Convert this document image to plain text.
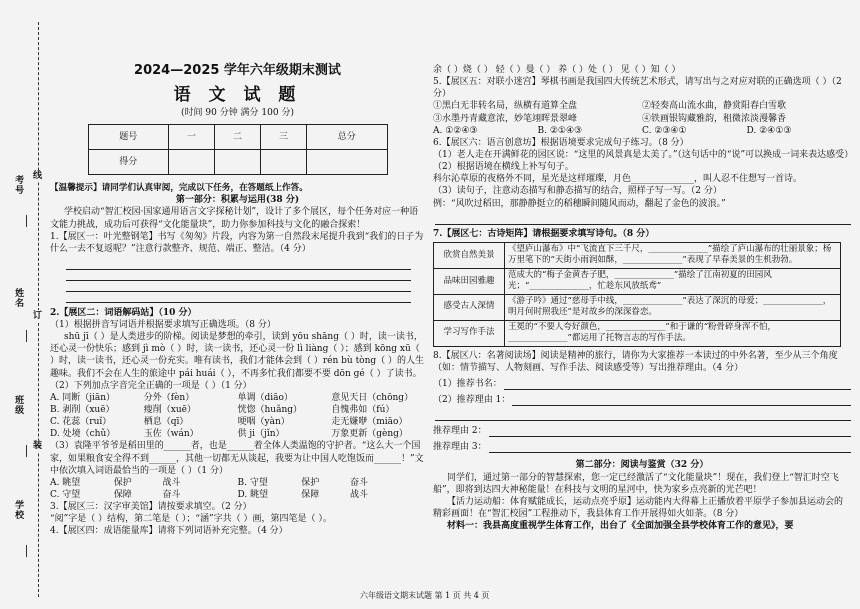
考号
姓名
班级
学校
线
订
装
2024—2025 学年六年级期末测试
语 文 试 题
(时间 90 分钟 满分 100 分)
题号	一	二	三	总分
得分				

【温馨提示】请同学们认真审阅，完成以下任务，在答题纸上作答。

第一部分：积累与运用(38 分)

学校启动“智汇校园·国家通用语言文字探秘计划”，设计了多个展区，每个任务对应一种语文能力挑战，成功后可获得“文化能量块”，助力你参加科技与文化的融合探索！

1.【展区一：叶光整钢笔】书写《匆匆》片段，内容为第一自然段末尾提升我到“我们的日子为什么一去不复返呢？”注意行款整齐、规范、端正、整洁。（4 分）

2.【展区二：词语解码站】（10 分）

（1）根据拼音写词语并根据要求填写正确选项。（8 分）

shū jī（ ）是人类进步的阶梯。阅读是梦想的牵引，读到 yōu shāng（ ）时，读一读书，还心灵一份快乐；感到 jì mò（ ）时，读一读书，还心灵一份 lì liàng（ ）；感到 kōng xū（ ）时，读一读书，还心灵一份充实。唯有读书，我们才能体会到（ ）rén bù tòng（ ）的人生趣味。我们不会在人生的旅途中 pái huái（ ），不再多忙我们都要不要 dōn gé（ ）了读书。

（2）下列加点字音完全正确的一项是（ ）（1 分）

A. 同断（jiān）	分外（fèn）	单调（diāo）	意见天日（chōng）
B. 剥削（xuē）	瘦削（xuē）	恍惚（huǎng）	自愧弗如（fú）
C. 花蕊（ruǐ）	栖息（qī）	哽咽（yàn）	走无嫌咿（miāo）
D. 处境（chǔ）	玉佐（wán）	供 ji（jǐn）	万象更新（gèng）

（3）袁隆平爷爷是稻田里的______者，也是______着全体人类温饱的守护者。“这么大一个国家，如果粮食安全得不到______，其他一切都无从谈起，我要为让中国人吃饱饭而______！”文中依次填入词语最恰当的一项是（ ）（1 分）

A. 眺望	保护	战斗	B. 守望	保护	奋斗
C. 守望	保障	奋斗	D. 眺望	保障	战斗

3.【展区三：汉字审美馆】请按要求填空。（2 分）

“阅”字是（ ）结构，第二笔是（ ）；“涵”字共（ ）画，第四笔是（ ）。

4.【展区四：成语能量库】请将下列词语补充完整。（4 分）

余（ ）烧（ ） 轻（ ）曼（ ） 养（ ）处（ ） 见（ ）知（ ）

5.【展区五：对联小迷宫】琴棋书画是我国四大传统艺术形式，请写出与之对应对联的正确选项（ ）（2 分）

①黑白无非转名局，纵横有道算全盘	②轻奏高山流水曲，静赏阳春白雪歌
③水墨丹青藏意浓，妙笔翊晖景翠峰	④铁画银钩藏雅韵，租微浓淡漫馨香
A. ①②④③	B. ②①④③	C. ②③④①	D. ②④①③

6.【展区六：语言创意坊】根据语境要求完成句子练习。（8 分）

（1）老人走在开满鲜花的园区说：“这里的风景真是太美了。”（这句话中的“说”可以换成一词来表达感受）

（2）根据语境在横线上补写句子。

科尔沁草原的夜格外不同，星光是这样璀璨，月色______________，叫人忍不住想写一首诗。

（3）读句子，注意动态描写和静态描写的结合，照样子写一写。（2 分）

例：“风吹过稻田，那静静挺立的稻穗瞬间随风而动，翻起了金色的波浪。”

7.【展区七：古诗矩阵】请根据要求填写诗句。（8 分）

欣赏自然美景	《望庐山瀑布》中“飞流直下三千尺，______________”描绘了庐山瀑布的壮丽景象；杨万里笔下的“天街小雨润如酥，______________”表现了早春美景的生机勃勃。
品味田园雅趣	范成大的“梅子金黄杏子肥，______________”描绘了江南初夏的田园风光；“______________，忙趁东风放纸鸢”
感受古人深情	《游子吟》通过“慈母手中线，______________”表达了深沉的母爱；______________，明月何时照我还”是对故乡的深深眷恋。
学习写作手法	王冕的“不要人夸好颜色，______________”和于谦的“粉骨碎身浑不怕，______________”都运用了托物言志的写作手法。

8.【展区八：名著阅读场】阅读是精神的旅行，请你为大家推荐一本读过的中外名著，至少从三个角度（如：情节描写、人物刻画、写作手法、阅读感受等）写出推荐理由。（4 分）

（1）推荐书名：
（2）推荐理由 1：
推荐理由 2：
推荐理由 3：

第二部分：阅读与鉴赏（32 分）

同学们，通过第一部分的智慧探索，您一定已经激活了“文化能量块”！现在，我们登上“智汇时空飞船”，即将到达四大神秘能量！在科技与文明的星河中，快为家乡点亮新的光芒吧！

【活力运动船：体育赋能成长，运动点亮乎原】运动能内大得幕上正播放着平原学子参加县运动会的精彩画面！在“智汇校园”工程推动下，我县体育工作开展得如火如荼。（8 分）

材料一：我县高度重视学生体育工作，出台了《全面加强全县学校体育工作的意见》，要

六年级语文期末试题 第 1 页 共 4 页
